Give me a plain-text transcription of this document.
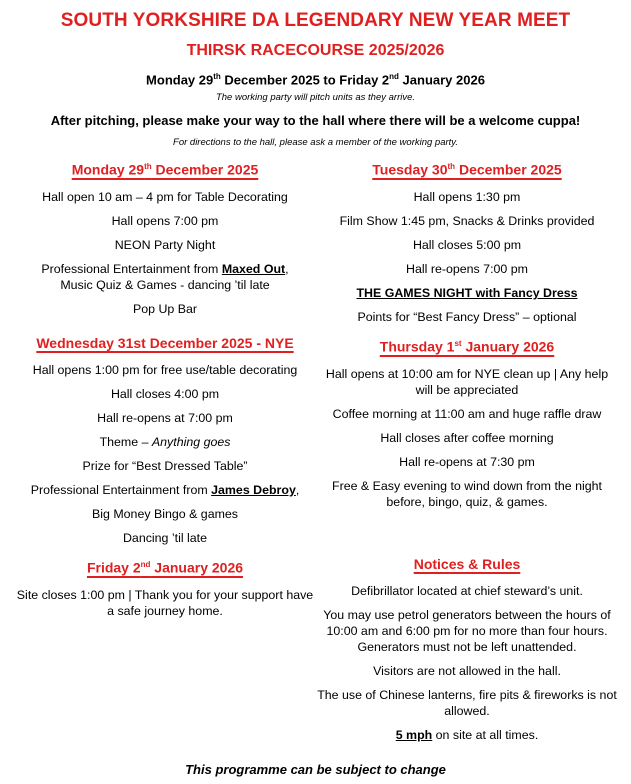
SOUTH YORKSHIRE DA LEGENDARY NEW YEAR MEET
THIRSK RACECOURSE 2025/2026
Monday 29th December 2025 to Friday 2nd January 2026
The working party will pitch units as they arrive.
After pitching, please make your way to the hall where there will be a welcome cuppa!
For directions to the hall, please ask a member of the working party.
Monday 29th December 2025

Hall open 10 am – 4 pm for Table Decorating

Hall opens 7:00 pm

NEON Party Night

Professional Entertainment from Maxed Out,
Music Quiz & Games - dancing ’til late

Pop Up Bar

Tuesday 30th December 2025

Hall opens 1:30 pm

Film Show 1:45 pm, Snacks & Drinks provided

Hall closes 5:00 pm

Hall re-opens 7:00 pm

THE GAMES NIGHT with Fancy Dress

Points for “Best Fancy Dress” – optional

Wednesday 31st December 2025 - NYE

Hall opens 1:00 pm for free use/table decorating

Hall closes 4:00 pm

Hall re-opens at 7:00 pm

Theme – Anything goes

Prize for “Best Dressed Table”

Professional Entertainment from James Debroy,

Big Money Bingo & games

Dancing ’til late

Thursday 1st January 2026

Hall opens at 10:00 am for NYE clean up | Any help will be appreciated

Coffee morning at 11:00 am and huge raffle draw

Hall closes after coffee morning

Hall re-opens at 7:30 pm

Free & Easy evening to wind down from the night before, bingo, quiz, & games.

Friday 2nd January 2026

Site closes 1:00 pm | Thank you for your support have a safe journey home.

Notices & Rules

Defibrillator located at chief steward’s unit.

You may use petrol generators between the hours of 10:00 am and 6:00 pm for no more than four hours. Generators must not be left unattended.

Visitors are not allowed in the hall.

The use of Chinese lanterns, fire pits & fireworks is not allowed.

5 mph on site at all times.

This programme can be subject to change
